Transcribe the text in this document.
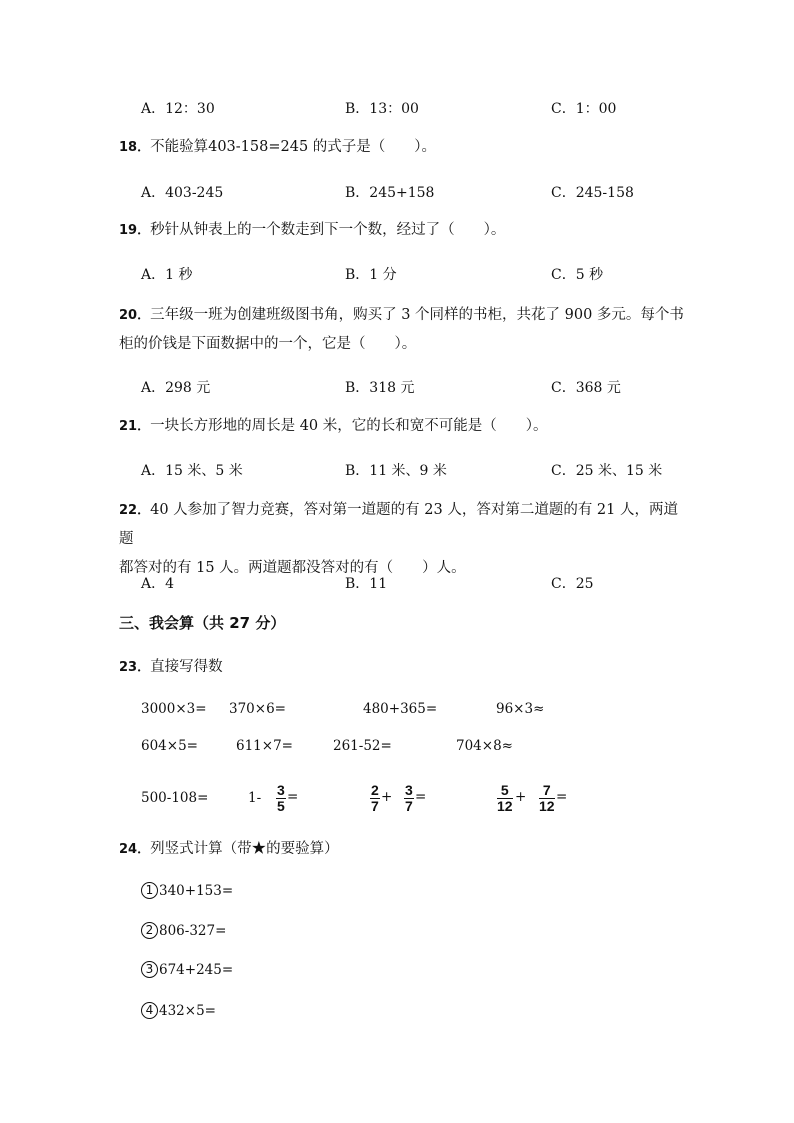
A．12：30	B．13：00	C．1：00
18．不能验算403-158=245 的式子是（　　）。
A．403-245	B．245+158	C．245-158
19．秒针从钟表上的一个数走到下一个数，经过了（　　）。
A．1 秒	B．1 分	C．5 秒
20．三年级一班为创建班级图书角，购买了 3 个同样的书柜，共花了 900 多元。每个书
柜的价钱是下面数据中的一个，它是（　　）。
A．298 元	B．318 元	C．368 元
21．一块长方形地的周长是 40 米，它的长和宽不可能是（　　）。
A．15 米、5 米	B．11 米、9 米	C．25 米、15 米
22．40 人参加了智力竞赛，答对第一道题的有 23 人，答对第二道题的有 21 人，两道题
都答对的有 15 人。两道题都没答对的有（　　）人。
A．4	B．11	C．25
三、我会算（共 27 分）
23．直接写得数
3000×3= 370×6=	480+365=	96×3≈
604×5=	611×7=	261-52=	704×8≈
500-108=	$1- \frac{3}{5}$ =	$\frac{2}{7} + \frac{3}{7}$ =	$\frac{5}{12} + \frac{7}{12}$ =
24．列竖式计算（带★的要验算）
1 340+153=
2 806-327=
3 674+245=
4 432×5=
